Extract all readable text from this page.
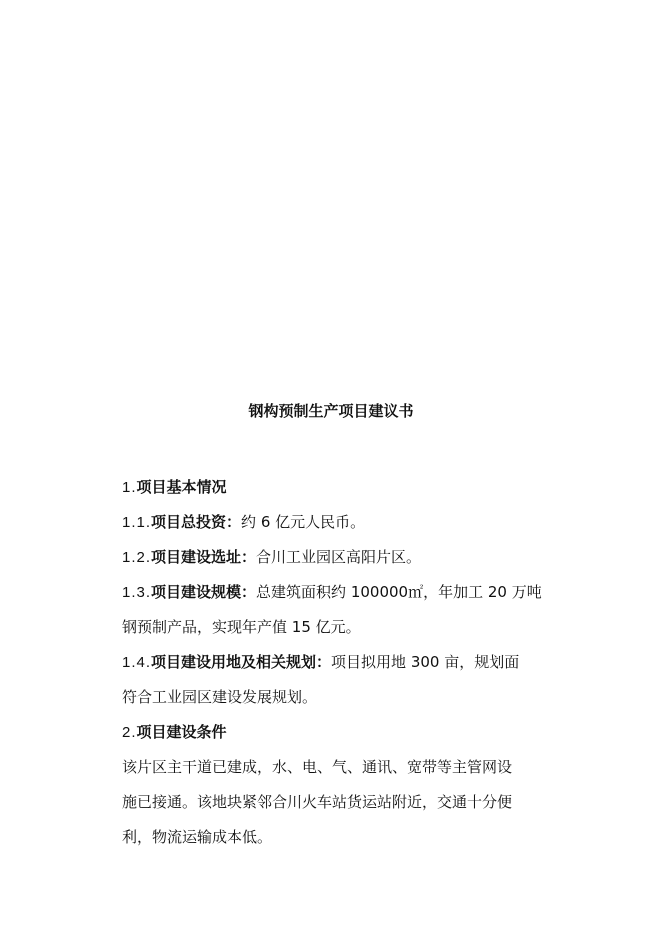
钢构预制生产项目建议书
1.项目基本情况
1.1.项目总投资：约 6 亿元人民币。
1.2.项目建设选址：合川工业园区高阳片区。
1.3.项目建设规模：总建筑面积约 100000㎡，年加工 20 万吨
钢预制产品，实现年产值 15 亿元。
1.4.项目建设用地及相关规划：项目拟用地 300 亩，规划面
符合工业园区建设发展规划。
2.项目建设条件
该片区主干道已建成，水、电、气、通讯、宽带等主管网设
施已接通。该地块紧邻合川火车站货运站附近，交通十分便
利，物流运输成本低。
